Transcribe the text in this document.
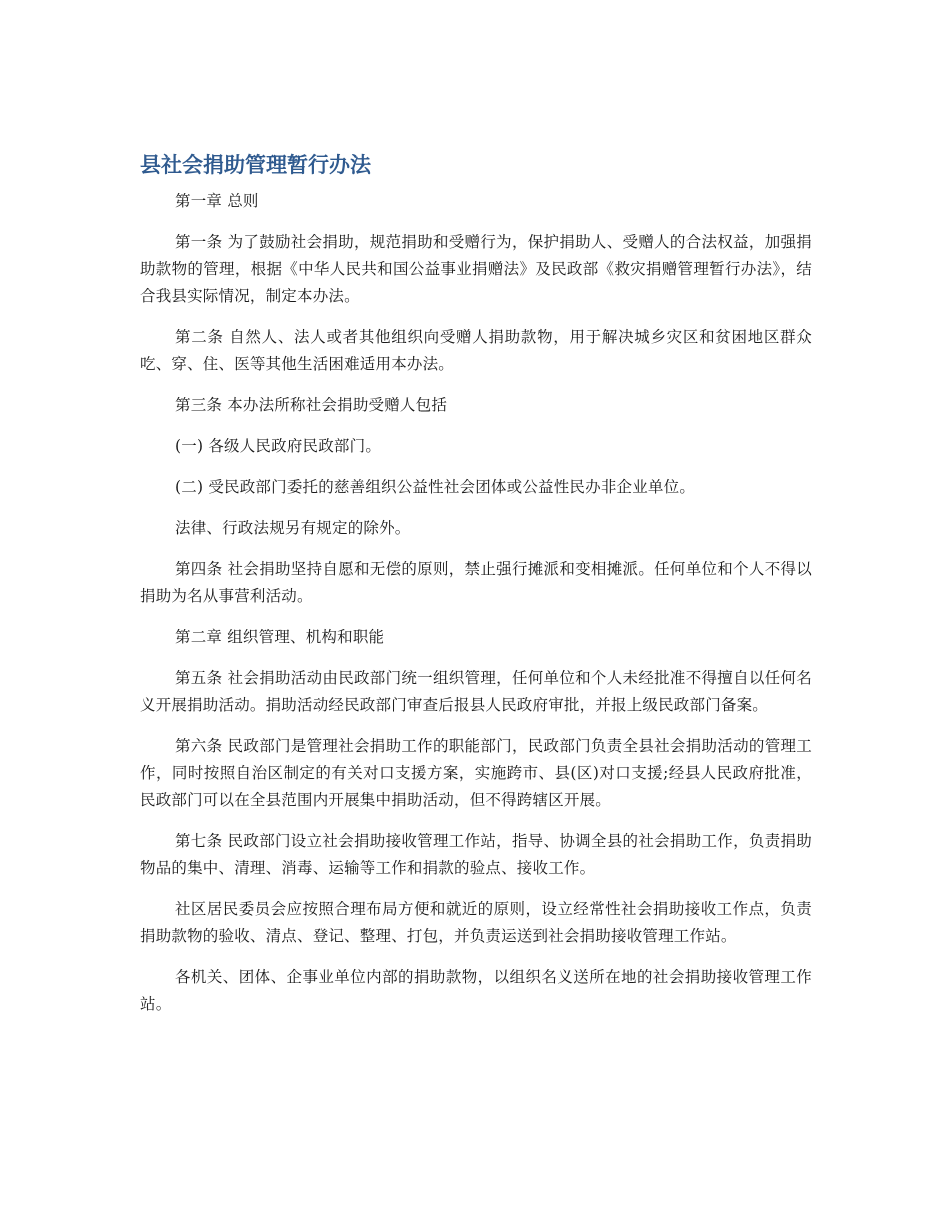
县社会捐助管理暂行办法

第一章 总则

第一条 为了鼓励社会捐助，规范捐助和受赠行为，保护捐助人、受赠人的合法权益，加强捐助款物的管理，根据《中华人民共和国公益事业捐赠法》及民政部《救灾捐赠管理暂行办法》，结合我县实际情况，制定本办法。

第二条 自然人、法人或者其他组织向受赠人捐助款物，用于解决城乡灾区和贫困地区群众吃、穿、住、医等其他生活困难适用本办法。

第三条 本办法所称社会捐助受赠人包括

(一) 各级人民政府民政部门。

(二) 受民政部门委托的慈善组织公益性社会团体或公益性民办非企业单位。

法律、行政法规另有规定的除外。

第四条 社会捐助坚持自愿和无偿的原则，禁止强行摊派和变相摊派。任何单位和个人不得以捐助为名从事营利活动。

第二章 组织管理、机构和职能

第五条 社会捐助活动由民政部门统一组织管理，任何单位和个人未经批准不得擅自以任何名义开展捐助活动。捐助活动经民政部门审查后报县人民政府审批，并报上级民政部门备案。

第六条 民政部门是管理社会捐助工作的职能部门，民政部门负责全县社会捐助活动的管理工作，同时按照自治区制定的有关对口支援方案，实施跨市、县(区)对口支援;经县人民政府批准，民政部门可以在全县范围内开展集中捐助活动，但不得跨辖区开展。

第七条 民政部门设立社会捐助接收管理工作站，指导、协调全县的社会捐助工作，负责捐助物品的集中、清理、消毒、运输等工作和捐款的验点、接收工作。

社区居民委员会应按照合理布局方便和就近的原则，设立经常性社会捐助接收工作点，负责捐助款物的验收、清点、登记、整理、打包，并负责运送到社会捐助接收管理工作站。

各机关、团体、企事业单位内部的捐助款物，以组织名义送所在地的社会捐助接收管理工作站。
